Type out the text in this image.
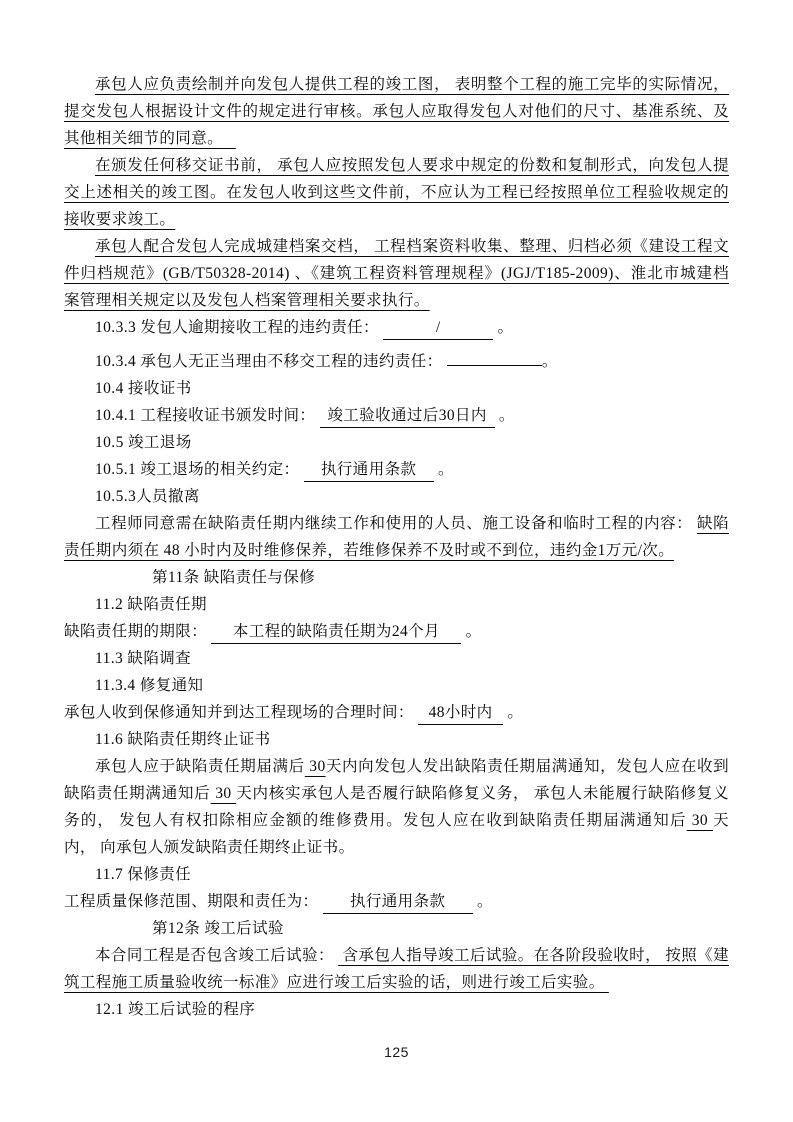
承包人应负责绘制并向发包人提供工程的竣工图， 表明整个工程的施工完毕的实际情况， 提交发包人根据设计文件的规定进行审核。承包人应取得发包人对他们的尺寸、基准系统、及其他相关细节的同意。

在颁发任何移交证书前， 承包人应按照发包人要求中规定的份数和复制形式，向发包人提交上述相关的竣工图。在发包人收到这些文件前，不应认为工程已经按照单位工程验收规定的接收要求竣工。

承包人配合发包人完成城建档案交档， 工程档案资料收集、整理、归档必须《建设工程文件归档规范》(GB/T50328-2014) 、《建筑工程资料管理规程》(JGJ/T185-2009)、淮北市城建档案管理相关规定以及发包人档案管理相关要求执行。

10.3.3 发包人逾期接收工程的违约责任：	/	。

10.3.4 承包人无正当理由不移交工程的违约责任：	。

10.4 接收证书

10.4.1 工程接收证书颁发时间： 竣工验收通过后30日内 。

10.5 竣工退场

10.5.1 竣工退场的相关约定： 执行通用条款 。

10.5.3人员撤离

工程师同意需在缺陷责任期内继续工作和使用的人员、施工设备和临时工程的内容： 缺陷责任期内须在 48 小时内及时维修保养，若维修保养不及时或不到位，违约金1万元/次。

第11条 缺陷责任与保修

11.2 缺陷责任期

缺陷责任期的期限： 本工程的缺陷责任期为24个月 。

11.3 缺陷调查

11.3.4 修复通知

承包人收到保修通知并到达工程现场的合理时间： 48小时内 。

11.6 缺陷责任期终止证书

承包人应于缺陷责任期届满后 30天内向发包人发出缺陷责任期届满通知，发包人应在收到缺陷责任期满通知后 30 天内核实承包人是否履行缺陷修复义务， 承包人未能履行缺陷修复义务的， 发包人有权扣除相应金额的维修费用。发包人应在收到缺陷责任期届满通知后 30 天内， 向承包人颁发缺陷责任期终止证书。

11.7 保修责任

工程质量保修范围、期限和责任为： 执行通用条款 。

第12条 竣工后试验

本合同工程是否包含竣工后试验：  含承包人指导竣工后试验。在各阶段验收时， 按照《建筑工程施工质量验收统一标准》应进行竣工后实验的话，则进行竣工后实验。

12.1 竣工后试验的程序

125
